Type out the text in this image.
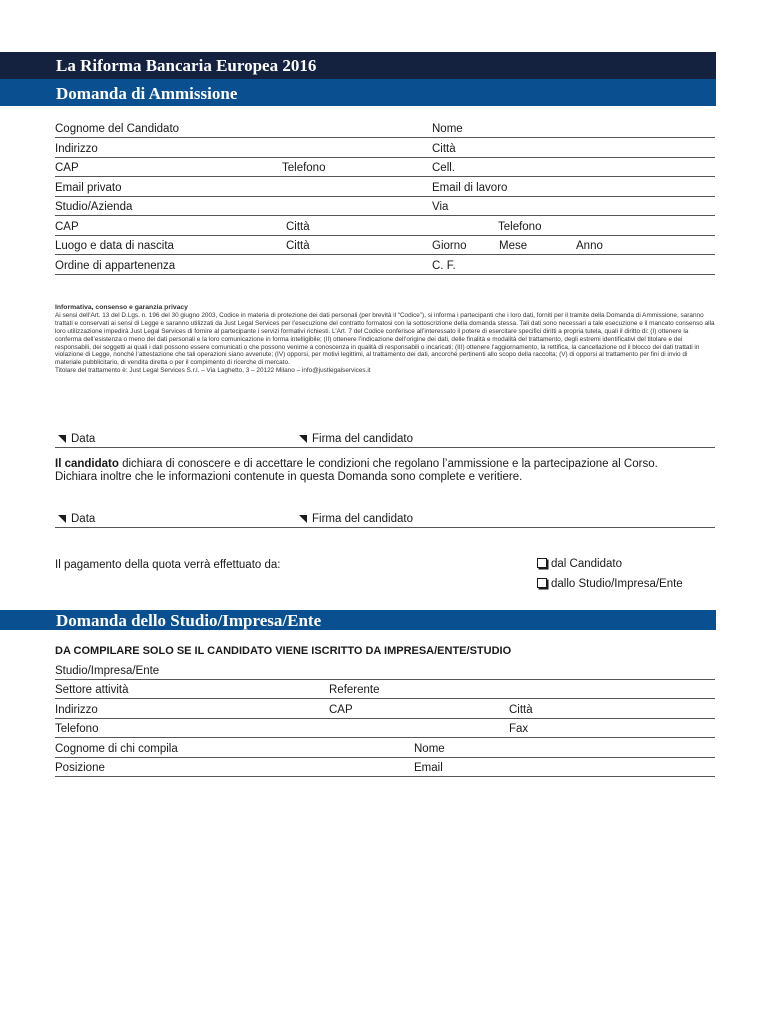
La Riforma Bancaria Europea 2016
Domanda di Ammissione
Cognome del Candidato	Nome
Indirizzo	Città
CAP	Telefono	Cell.
Email privato	Email di lavoro
Studio/Azienda	Via
CAP	Città	Telefono
Luogo e data di nascita	Città	Giorno	Mese	Anno
Ordine di appartenenza	C. F.

Informativa, consenso e garanzia privacy

Ai sensi dell’Art. 13 del D.Lgs. n. 196 del 30 giugno 2003, Codice in materia di protezione dei dati personali (per brevità il “Codice”), si informa i partecipanti che i loro dati, forniti per il tramite della Domanda di Ammissione, saranno trattati e conservati ai sensi di Legge e saranno utilizzati da Just Legal Services per l’esecuzione del contratto formatosi con la sottoscrizione della domanda stessa. Tali dati sono necessari a tale esecuzione e il mancato consenso alla loro utilizzazione impedirà Just Legal Services di fornire al partecipante i servizi formativi richiesti. L’Art. 7 del Codice conferisce all’interessato il potere di esercitare specifici diritti a propria tutela, quali il diritto di: (I) ottenere la conferma dell’esistenza o meno dei dati personali e la loro comunicazione in forma intelligibile; (II) ottenere l’indicazione dell’origine dei dati, delle finalità e modalità del trattamento, degli estremi identificativi del titolare e dei responsabili, dei soggetti ai quali i dati possono essere comunicati o che possono venirne a conoscenza in qualità di responsabili o incaricati; (III) ottenere l’aggiornamento, la rettifica, la cancellazione od il blocco dei dati trattati in violazione di Legge, nonché l’attestazione che tali operazioni siano avvenute; (IV) opporsi, per motivi legittimi, al trattamento dei dati, ancorché pertinenti allo scopo della raccolta; (V) di opporsi al trattamento per fini di invio di materiale pubblicitario, di vendita diretta o per il compimento di ricerche di mercato.

Titolare del trattamento è: Just Legal Services S.r.l. – Via Laghetto, 3 – 20122 Milano – info@justlegalservices.it

Data	Firma del candidato
Il candidato dichiara di conoscere e di accettare le condizioni che regolano l’ammissione e la partecipazione al Corso.
Dichiara inoltre che le informazioni contenute in questa Domanda sono complete e veritiere.
Data	Firma del candidato
Il pagamento della quota verrà effettuato da:	dal Candidato
dallo Studio/Impresa/Ente
Domanda dello Studio/Impresa/Ente
DA COMPILARE SOLO SE IL CANDIDATO VIENE ISCRITTO DA IMPRESA/ENTE/STUDIO
Studio/Impresa/Ente
Settore attività	Referente
Indirizzo	CAP	Città
Telefono	Fax
Cognome di chi compila	Nome
Posizione	Email
